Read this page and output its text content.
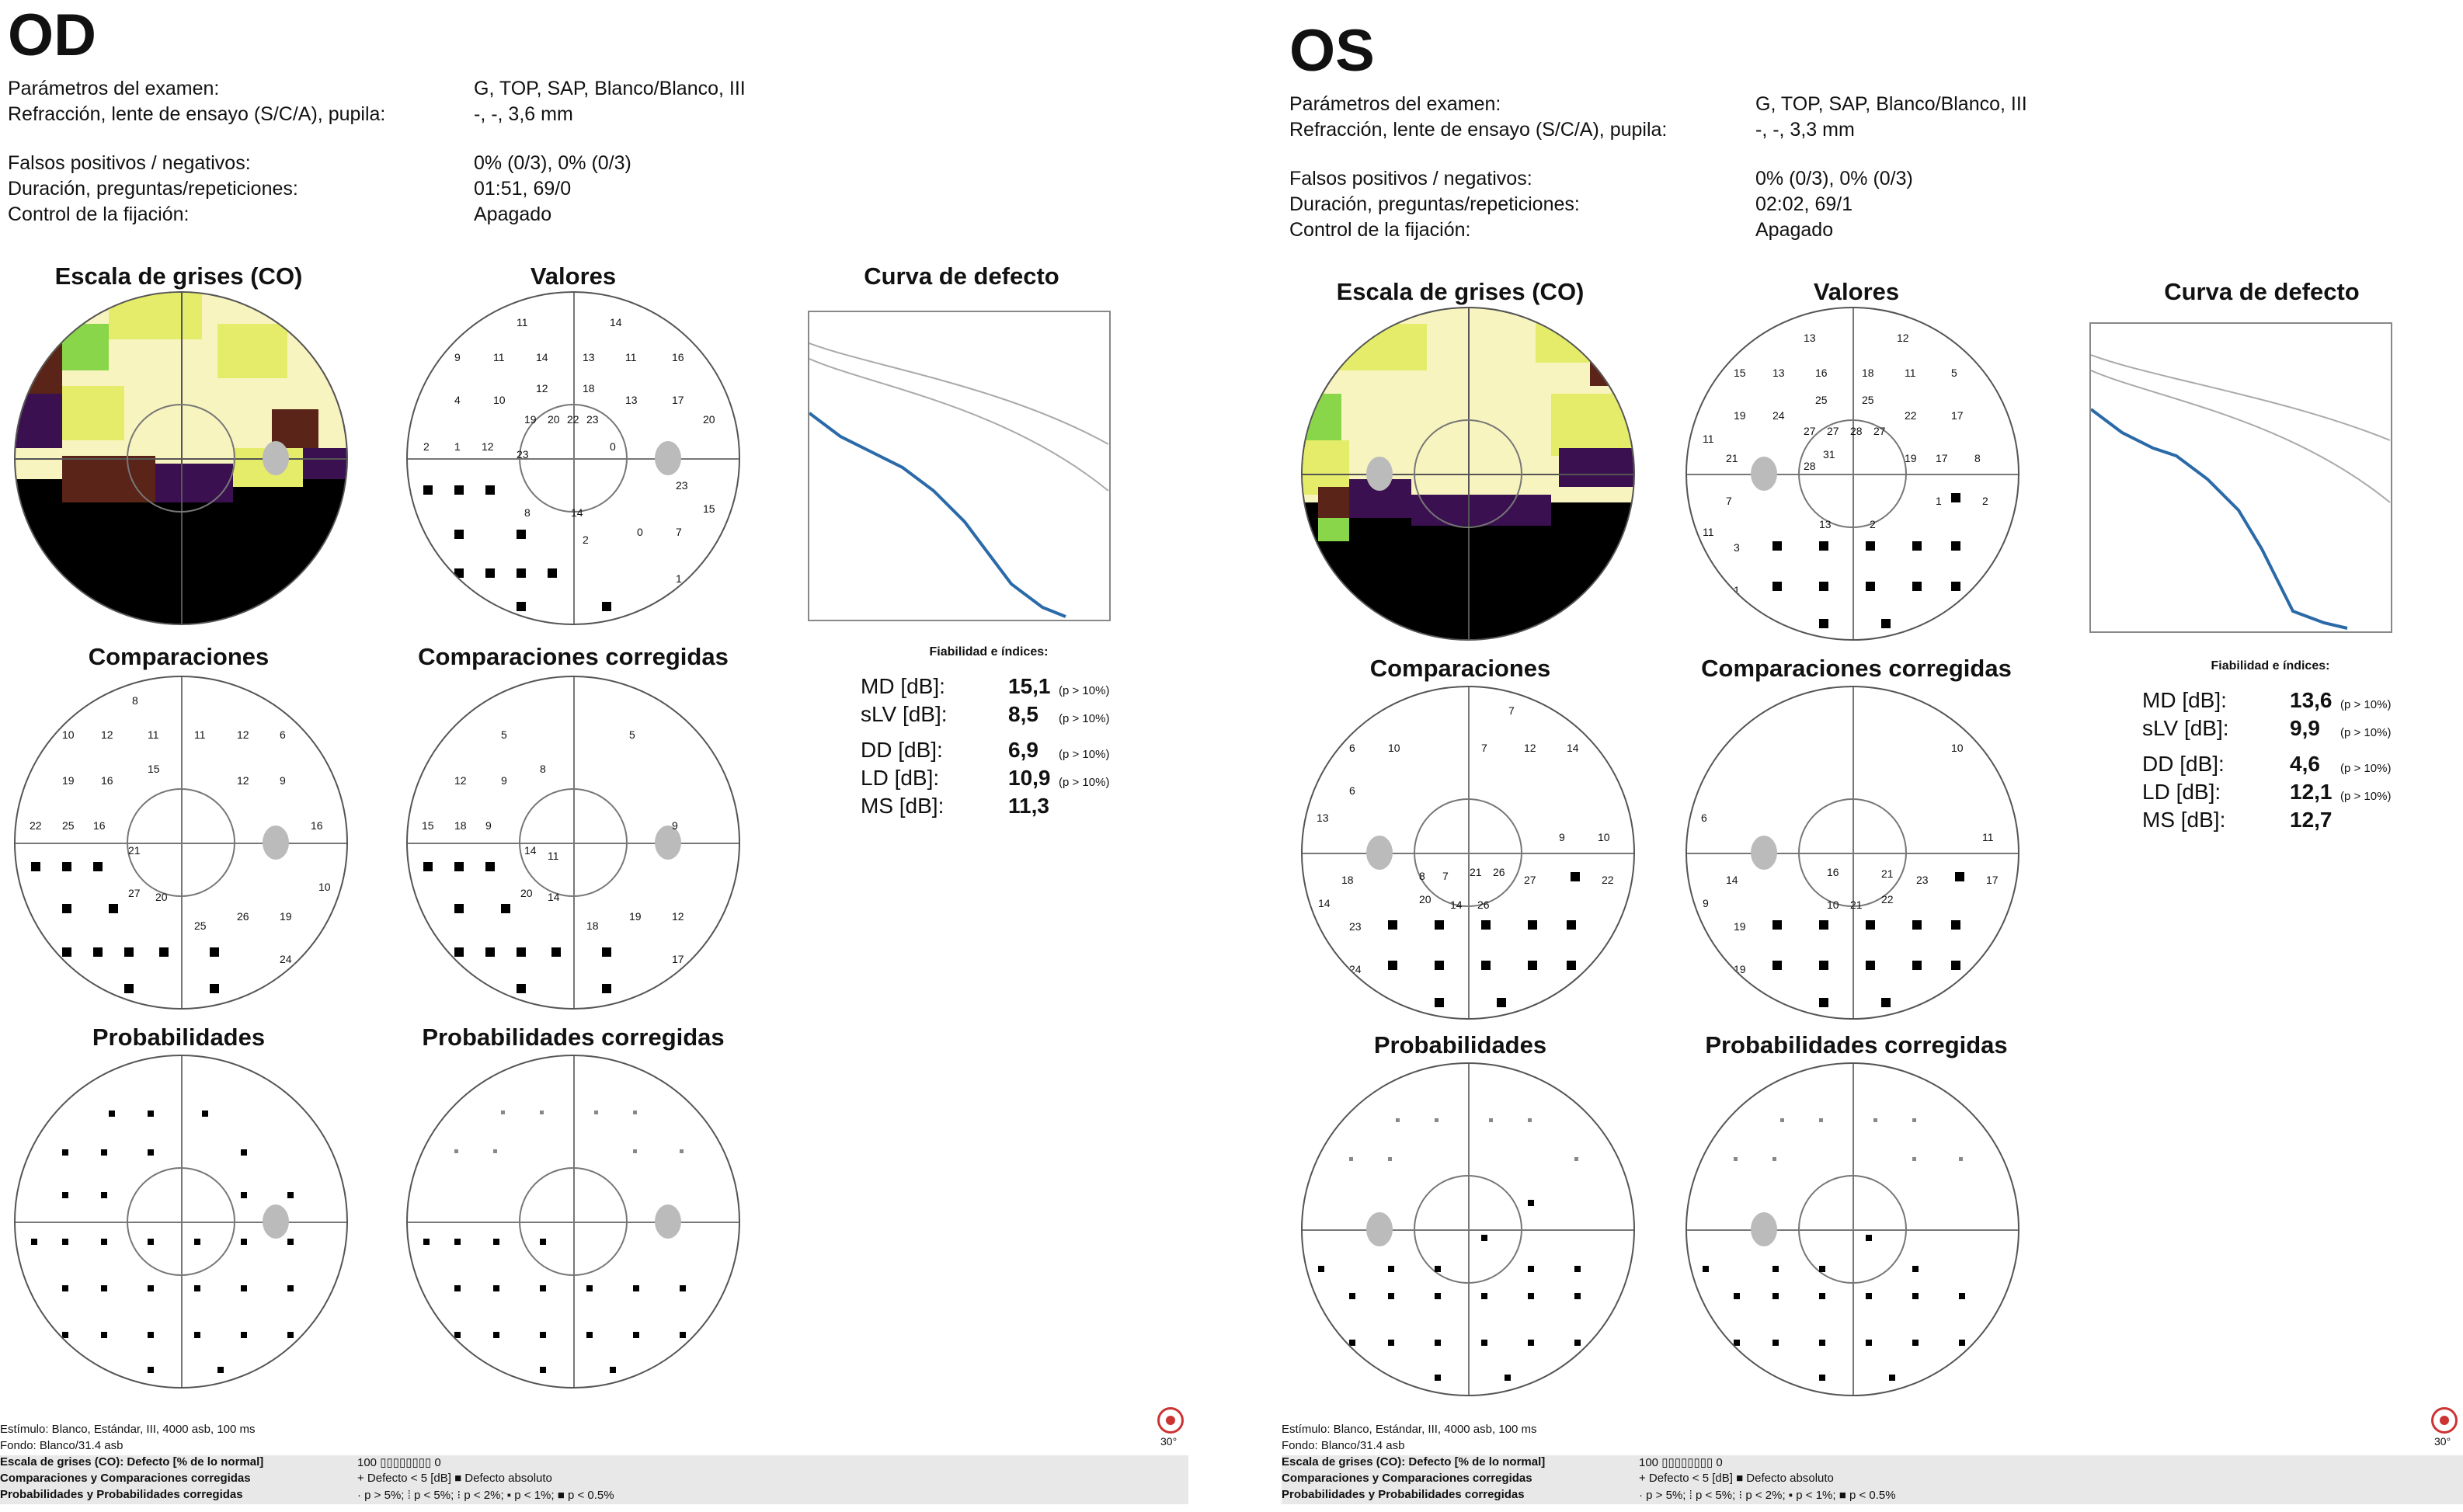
OD
Parámetros del examen:	G, TOP, SAP, Blanco/Blanco, III
Refracción, lente de ensayo (S/C/A), pupila:	-, -, 3,6 mm
Falsos positivos / negativos:	0% (0/3), 0% (0/3)
Duración, preguntas/repeticiones:	01:51, 69/0
Control de la fijación:	Apagado
Escala de grises (CO)	Valores
11	14
9	11	14	13	11	16
12	18
4	10	13	17
19 20 22 23	20
2 1 12
23
0
23
15
8	14
2
0	7
1
Curva de defecto
Fiabilidad e índices:
MD [dB]:	15,1 (p > 10%)
sLV [dB]:	8,5 (p > 10%)
DD [dB]:	6,9 (p > 10%)
LD [dB]:	10,9 (p > 10%)
MS [dB]:	11,3
Comparaciones
8
10 12	11	11	12	6
19 16
15
12	9
22 25 16
21
16
27 20
25
26	19
24
10
Comparaciones corregidas
5
8
5
12	9
9
15 18 9
14 11
20 14
19	12
18
17
Probabilidades	Probabilidades corregidas
30°
Estímulo: Blanco, Estándar, III, 4000 asb, 100 ms
Fondo: Blanco/31.4 asb
Escala de grises (CO): Defecto [% de lo normal]	100 ▯▯▯▯▯▯▯▯ 0
Comparaciones y Comparaciones corregidas	+ Defecto < 5 [dB] ■ Defecto absoluto
Probabilidades y Probabilidades corregidas	· p > 5%; ⁞ p < 5%; ⁝ p < 2%; ▪ p < 1%; ■ p < 0.5%
OS
Parámetros del examen:	G, TOP, SAP, Blanco/Blanco, III
Refracción, lente de ensayo (S/C/A), pupila:	-, -, 3,3 mm
Falsos positivos / negativos:	0% (0/3), 0% (0/3)
Duración, preguntas/repeticiones:	02:02, 69/1
Control de la fijación:	Apagado
Escala de grises (CO)	Valores
13	12
15 13	16	18	11	5
19 24
25	25
22	17
11
27 27 28 27
21	31
28
19 17 8
7	1	2
11
13	2
3
1
Curva de defecto
Fiabilidad e índices:
MD [dB]:	13,6 (p > 10%)
sLV [dB]:	9,9 (p > 10%)
DD [dB]:	4,6 (p > 10%)
LD [dB]:	12,1 (p > 10%)
MS [dB]:	12,7
Comparaciones
7
6	10
6
7	12	14
13
9	10
18	8 7 21 26
27	22
14	20 14 26
23
24
Comparaciones corregidas
10
6
11
14
16	21	17
23
9
19
10 21 22
19
Probabilidades	Probabilidades corregidas
30°
Estímulo: Blanco, Estándar, III, 4000 asb, 100 ms
Fondo: Blanco/31.4 asb
Escala de grises (CO): Defecto [% de lo normal]	100 ▯▯▯▯▯▯▯▯ 0
Comparaciones y Comparaciones corregidas	+ Defecto < 5 [dB] ■ Defecto absoluto
Probabilidades y Probabilidades corregidas	· p > 5%; ⁞ p < 5%; ⁝ p < 2%; ▪ p < 1%; ■ p < 0.5%
